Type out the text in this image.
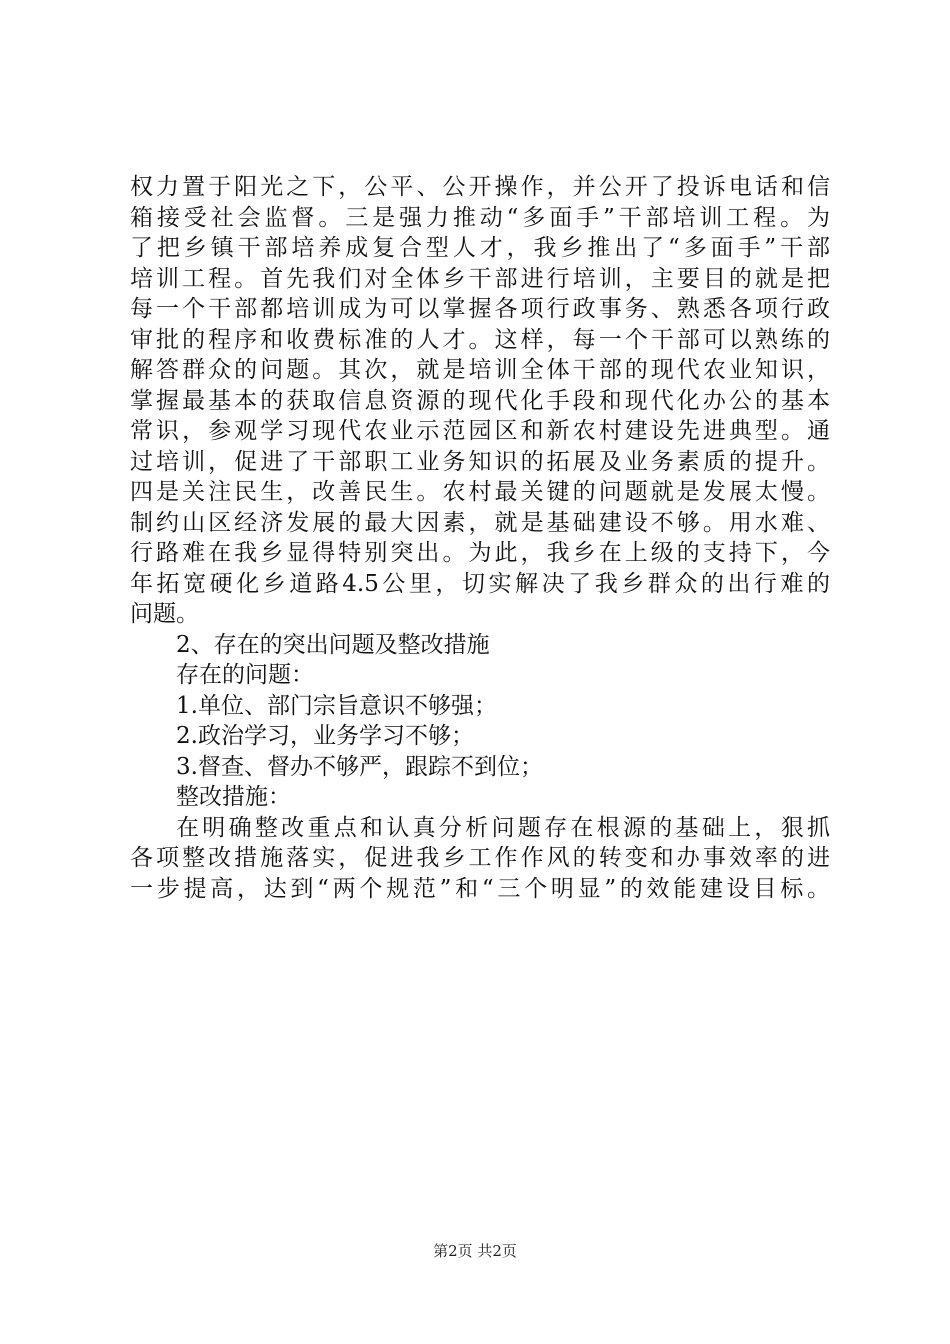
权力置于阳光之下，公平、公开操作，并公开了投诉电话和信
箱接受社会监督。三是强力推动“多面手”干部培训工程。为
了把乡镇干部培养成复合型人才，我乡推出了“多面手”干部
培训工程。首先我们对全体乡干部进行培训，主要目的就是把
每一个干部都培训成为可以掌握各项行政事务、熟悉各项行政
审批的程序和收费标准的人才。这样，每一个干部可以熟练的
解答群众的问题。其次，就是培训全体干部的现代农业知识，
掌握最基本的获取信息资源的现代化手段和现代化办公的基本
常识，参观学习现代农业示范园区和新农村建设先进典型。通
过培训，促进了干部职工业务知识的拓展及业务素质的提升。
四是关注民生，改善民生。农村最关键的问题就是发展太慢。
制约山区经济发展的最大因素，就是基础建设不够。用水难、
行路难在我乡显得特别突出。为此，我乡在上级的支持下，今
年拓宽硬化乡道路4.5公里，切实解决了我乡群众的出行难的
问题。
2、存在的突出问题及整改措施
存在的问题：
1.单位、部门宗旨意识不够强；
2.政治学习，业务学习不够；
3.督查、督办不够严，跟踪不到位；
整改措施：
在明确整改重点和认真分析问题存在根源的基础上，狠抓
各项整改措施落实，促进我乡工作作风的转变和办事效率的进
一步提高，达到“两个规范”和“三个明显”的效能建设目标。
第2页 共2页
